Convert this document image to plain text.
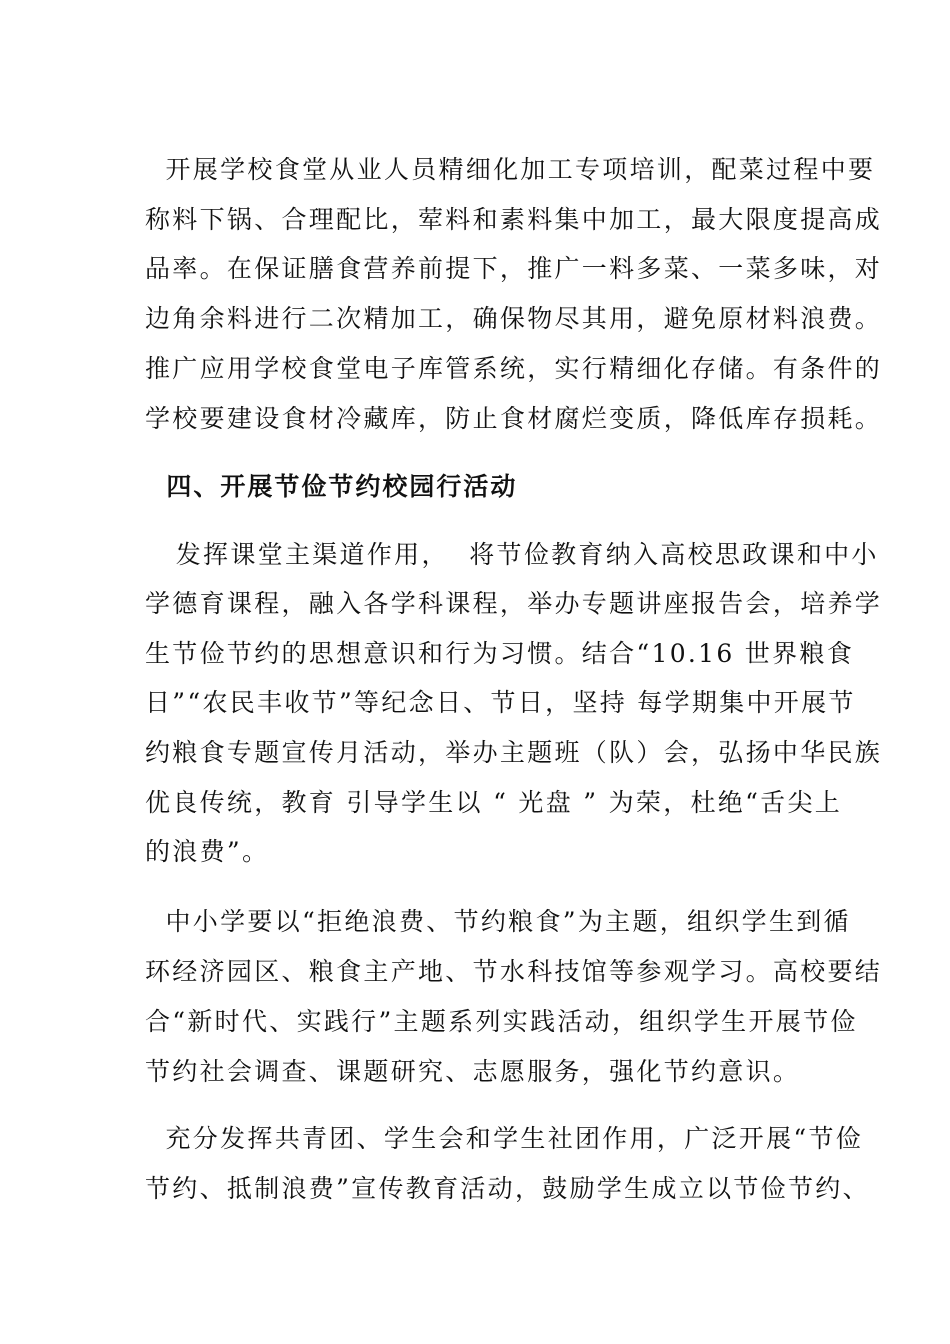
开展学校食堂从业人员精细化加工专项培训，配菜过程中要
称料下锅、合理配比，荤料和素料集中加工，最大限度提高成
品率。在保证膳食营养前提下，推广一料多菜、一菜多味，对
边角余料进行二次精加工，确保物尽其用，避免原材料浪费。
推广应用学校食堂电子库管系统，实行精细化存储。有条件的
学校要建设食材冷藏库，防止食材腐烂变质，降低库存损耗。
四、开展节俭节约校园行活动
发挥课堂主渠道作用，  将节俭教育纳入高校思政课和中小
学德育课程，融入各学科课程，举办专题讲座报告会，培养学
生节俭节约的思想意识和行为习惯。结合“10.16 世界粮食
日”“农民丰收节”等纪念日、节日，坚持 每学期集中开展节
约粮食专题宣传月活动，举办主题班（队）会，弘扬中华民族
优良传统，教育 引导学生以 “ 光盘 ” 为荣，杜绝“舌尖上
的浪费”。
中小学要以“拒绝浪费、节约粮食”为主题，组织学生到循
环经济园区、粮食主产地、节水科技馆等参观学习。高校要结
合“新时代、实践行”主题系列实践活动，组织学生开展节俭
节约社会调查、课题研究、志愿服务，强化节约意识。
充分发挥共青团、学生会和学生社团作用，广泛开展“节俭
节约、抵制浪费”宣传教育活动，鼓励学生成立以节俭节约、
